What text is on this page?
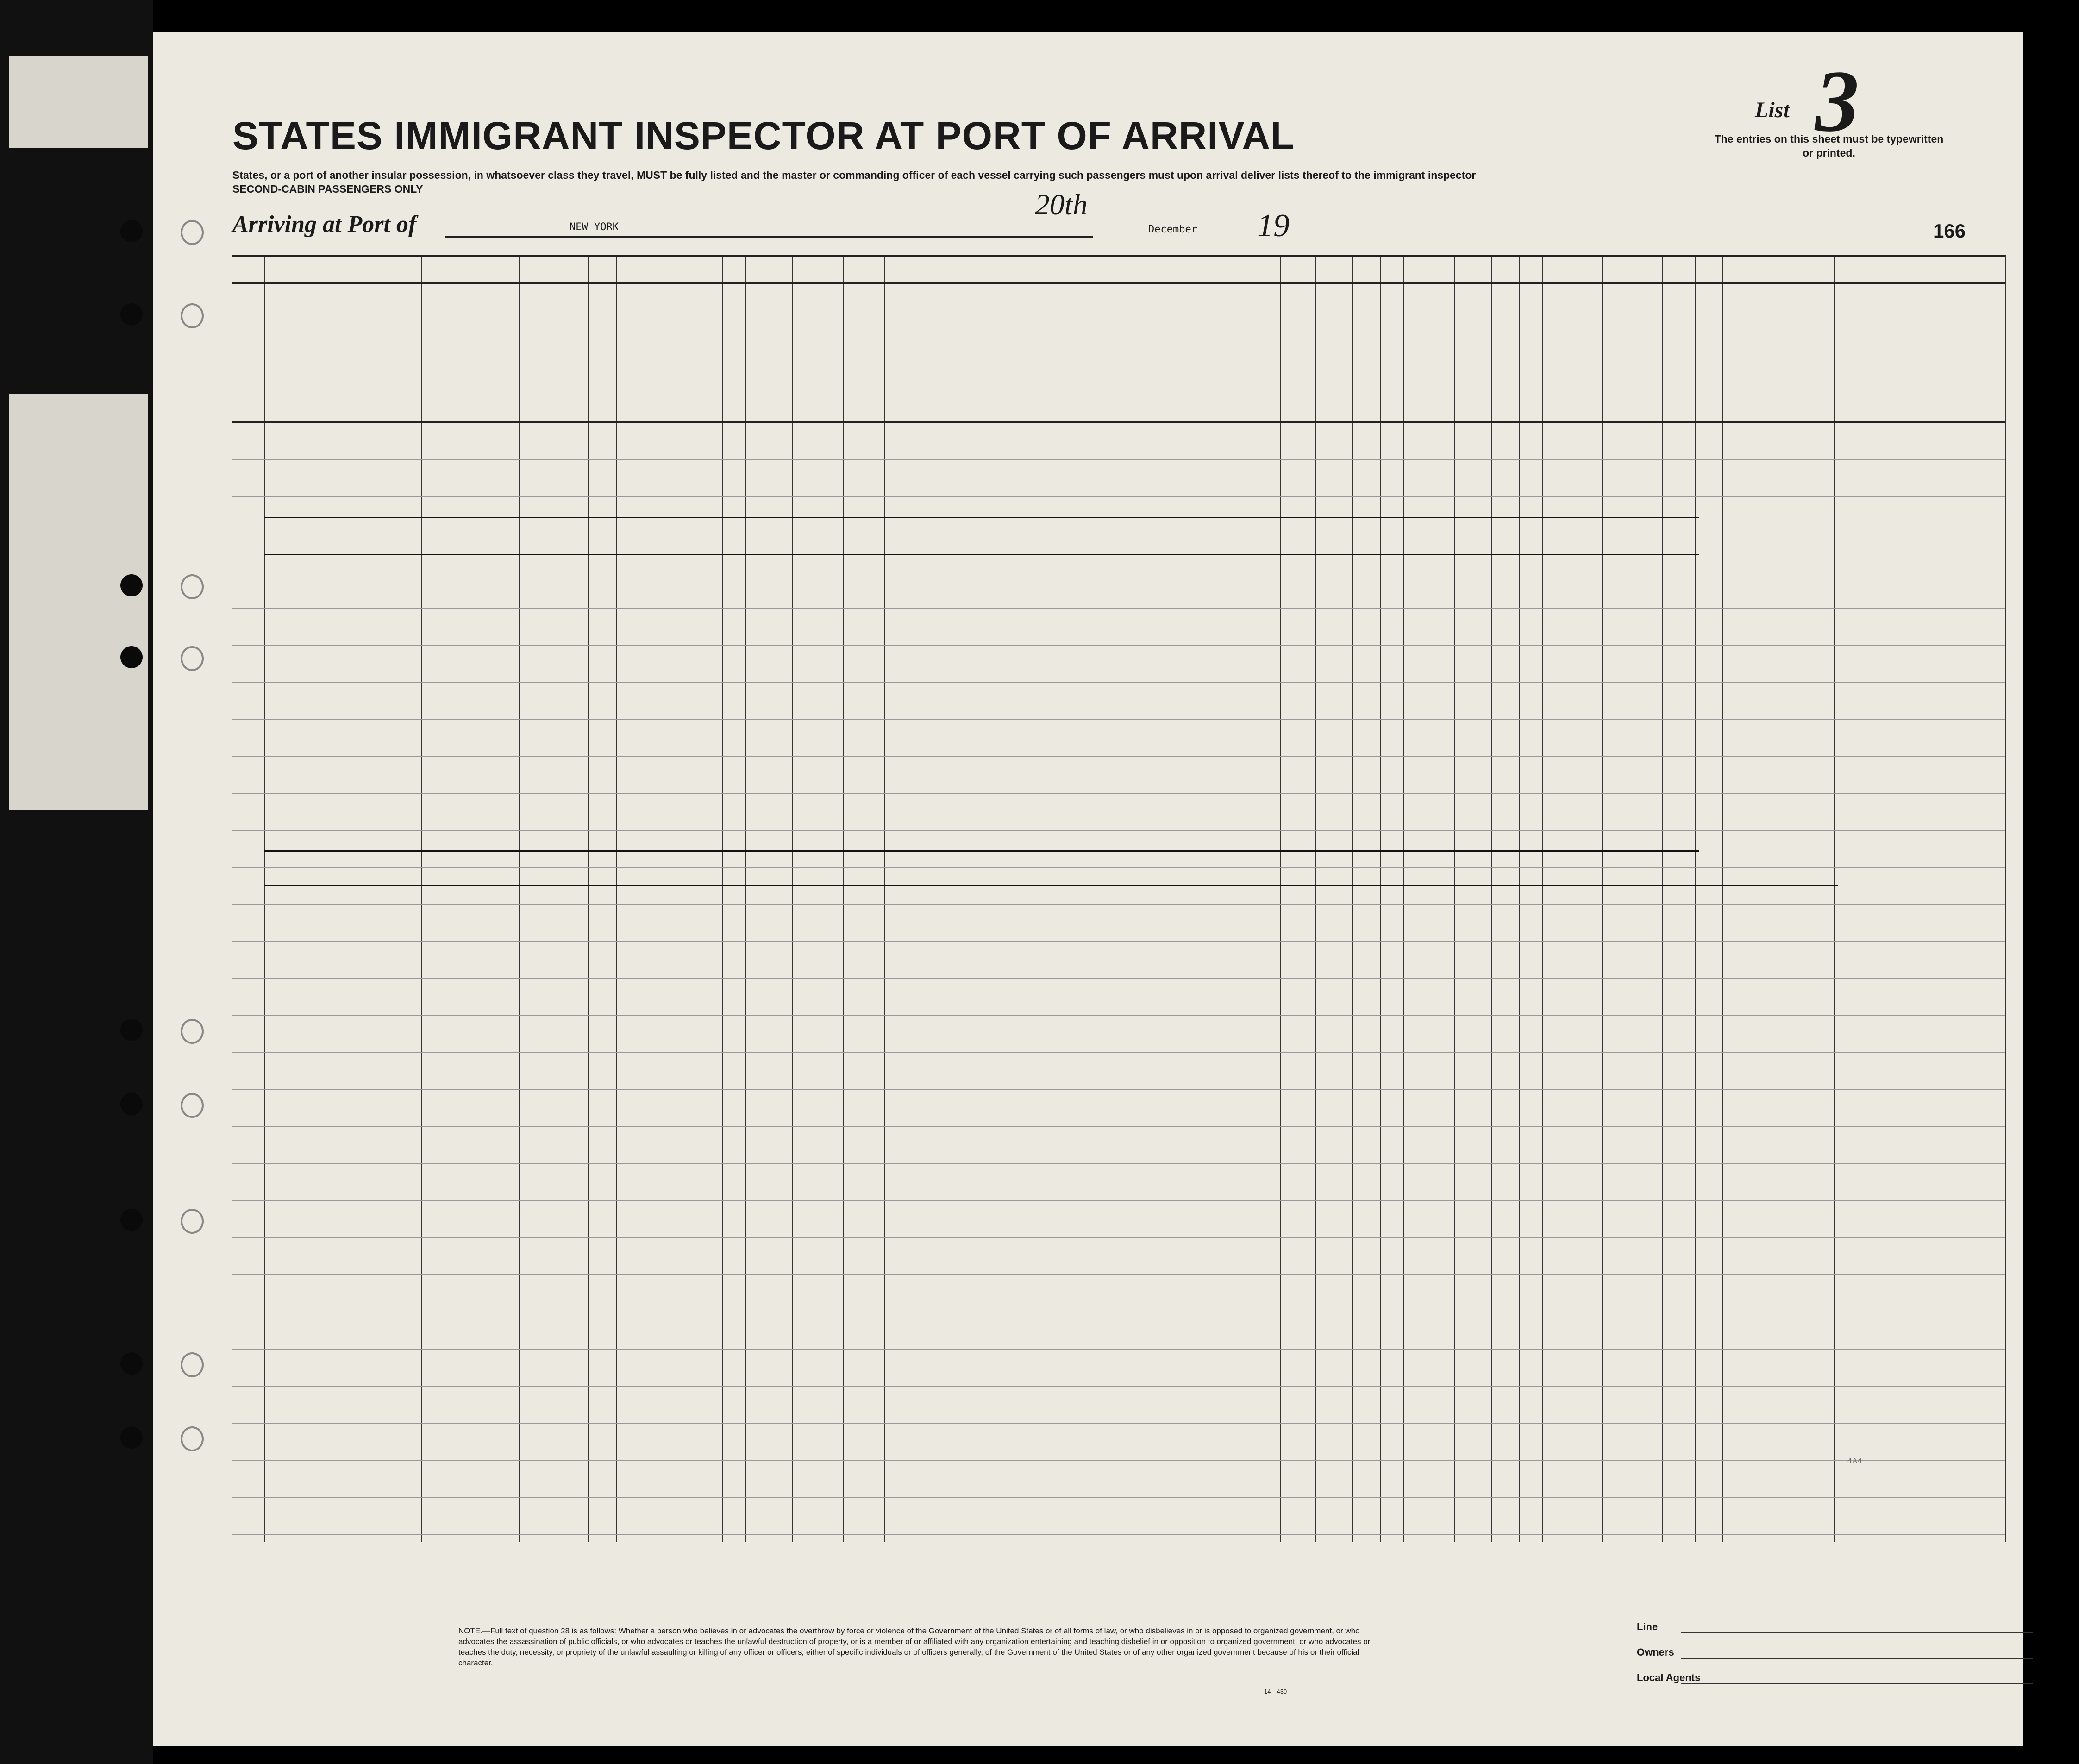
STATES IMMIGRANT INSPECTOR AT PORT OF ARRIVAL
States, or a port of another insular possession, in whatsoever class they travel, MUST be fully listed and the master or commanding officer of each vessel carrying such passengers must upon arrival deliver lists thereof to the immigrant inspector
SECOND-CABIN PASSENGERS ONLY
Arriving at Port of	NEW YORK
20th
December 19	166
List 3
The entries on this sheet must be typewritten or printed.
NOTE.—Full text of question 28 is as follows: Whether a person who believes in or advocates the overthrow by force or violence of the Government of the United States or of all forms of law, or who disbelieves in or is opposed to organized government, or who advocates the assassination of public officials, or who advocates or teaches the unlawful destruction of property, or is a member of or affiliated with any organization entertaining and teaching disbelief in or opposition to organized government, or who advocates or teaches the duty, necessity, or propriety of the unlawful assaulting or killing of any officer or officers, either of specific individuals or of officers generally, of the Government of the United States or of any other organized government because of his or their official character.
14—430
Line
Owners
Local Agents
4A4
